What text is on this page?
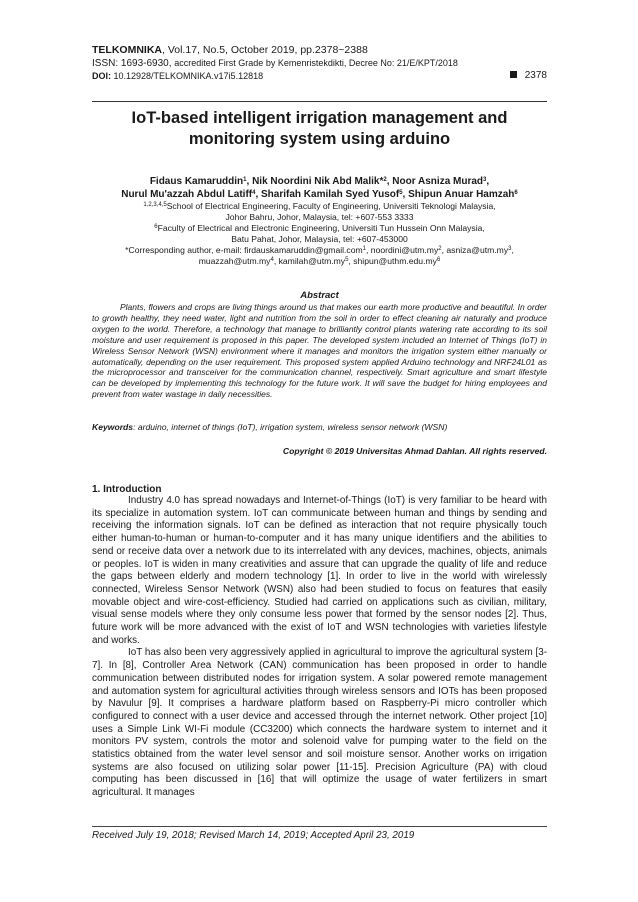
TELKOMNIKA, Vol.17, No.5, October 2019, pp.2378~2388
ISSN: 1693-6930, accredited First Grade by Kemenristekdikti, Decree No: 21/E/KPT/2018
DOI: 10.12928/TELKOMNIKA.v17i5.12818	2378
IoT-based intelligent irrigation management and monitoring system using arduino
Fidaus Kamaruddin$^1$, Nik Noordini Nik Abd Malik*$^2$, Noor Asniza Murad$^3$,
Nurul Mu'azzah Abdul Latiff$^4$, Sharifah Kamilah Syed Yusof$^5$, Shipun Anuar Hamzah$^6$
$^{1,2,3,4,5}$School of Electrical Engineering, Faculty of Engineering, Universiti Teknologi Malaysia,
Johor Bahru, Johor, Malaysia, tel: +607-553 3333
$^6$Faculty of Electrical and Electronic Engineering, Universiti Tun Hussein Onn Malaysia,
Batu Pahat, Johor, Malaysia, tel: +607-453000
*Corresponding author, e-mail: firdauskamaruddin@gmail.com$^1$, $noordini@utm.my^2$, $asniza@utm.my^3$,
$muazzah@utm.my^4$, $kamilah@utm.my^5$, $shipun@uthm.edu.my^6$
Abstract
Plants, flowers and crops are living things around us that makes our earth more productive and beautiful. In order to growth healthy, they need water, light and nutrition from the soil in order to effect cleaning air naturally and produce oxygen to the world. Therefore, a technology that manage to brilliantly control plants watering rate according to its soil moisture and user requirement is proposed in this paper. The developed system included an Internet of Things (IoT) in Wireless Sensor Network (WSN) environment where it manages and monitors the irrigation system either manually or automatically, depending on the user requirement. This proposed system applied Arduino technology and NRF24L01 as the microprocessor and transceiver for the communication channel, respectively. Smart agriculture and smart lifestyle can be developed by implementing this technology for the future work. It will save the budget for hiring employees and prevent from water wastage in daily necessities.
Keywords: arduino, internet of things (IoT), irrigation system, wireless sensor network (WSN)
Copyright © 2019 Universitas Ahmad Dahlan. All rights reserved.
1. Introduction

Industry 4.0 has spread nowadays and Internet-of-Things (IoT) is very familiar to be heard with its specialize in automation system. IoT can communicate between human and things by sending and receiving the information signals. IoT can be defined as interaction that not require physically touch either human-to-human or human-to-computer and it has many unique identifiers and the abilities to send or receive data over a network due to its interrelated with any devices, machines, objects, animals or peoples. IoT is widen in many creativities and assure that can upgrade the quality of life and reduce the gaps between elderly and modern technology [1]. In order to live in the world with wirelessly connected, Wireless Sensor Network (WSN) also had been studied to focus on features that easily movable object and wire-cost-efficiency. Studied had carried on applications such as civilian, military, visual sense models where they only consume less power that formed by the sensor nodes [2]. Thus, future work will be more advanced with the exist of IoT and WSN technologies with varieties lifestyle and works.

IoT has also been very aggressively applied in agricultural to improve the agricultural system [3-7]. In [8], Controller Area Network (CAN) communication has been proposed in order to handle communication between distributed nodes for irrigation system. A solar powered remote management and automation system for agricultural activities through wireless sensors and IOTs has been proposed by Navulur [9]. It comprises a hardware platform based on Raspberry-Pi micro controller which configured to connect with a user device and accessed through the internet network. Other project [10] uses a Simple Link WI-Fi module (CC3200) which connects the hardware system to internet and it monitors PV system, controls the motor and solenoid valve for pumping water to the field on the statistics obtained from the water level sensor and soil moisture sensor. Another works on irrigation systems are also focused on utilizing solar power [11-15]. Precision Agriculture (PA) with cloud computing has been discussed in [16] that will optimize the usage of water fertilizers in smart agricultural. It manages

Received July 19, 2018; Revised March 14, 2019; Accepted April 23, 2019
